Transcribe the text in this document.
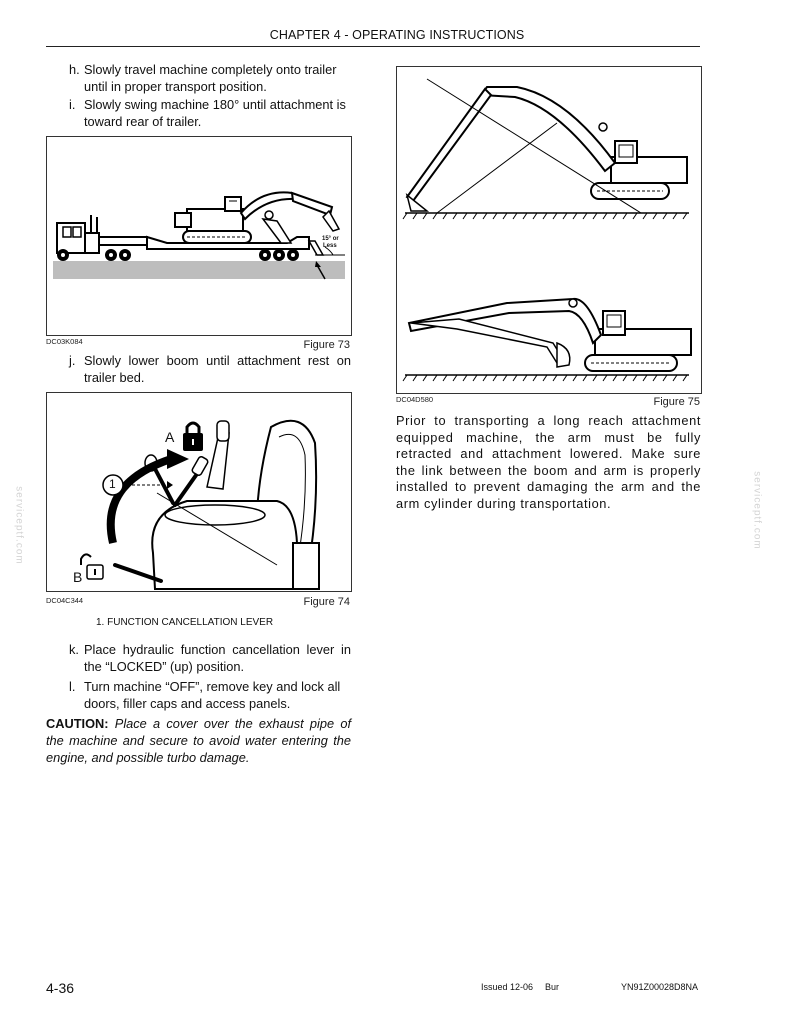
CHAPTER 4 - OPERATING INSTRUCTIONS
serviceptf.com	serviceptf.com
h. Slowly travel machine completely onto trailer until in proper transport position.
i. Slowly swing machine 180° until attachment is toward rear of trailer.
15° or
Less
DC03K084	Figure 73
j. Slowly lower boom until attachment rest on trailer bed.
1
A
B
DC04C344	Figure 74
1. FUNCTION CANCELLATION LEVER
k. Place hydraulic function cancellation lever in the “LOCKED” (up) position.
l. Turn machine “OFF”, remove key and lock all doors, filler caps and access panels.
CAUTION: Place a cover over the exhaust pipe of the machine and secure to avoid water entering the engine, and possible turbo damage.
DC04D580	Figure 75
Prior to transporting a long reach attachment equipped machine, the arm must be fully retracted and attachment lowered. Make sure the link between the boom and arm is properly installed to prevent damaging the arm and the arm cylinder during transportation.
4-36	Issued 12-06 Bur	YN91Z00028D8NA
